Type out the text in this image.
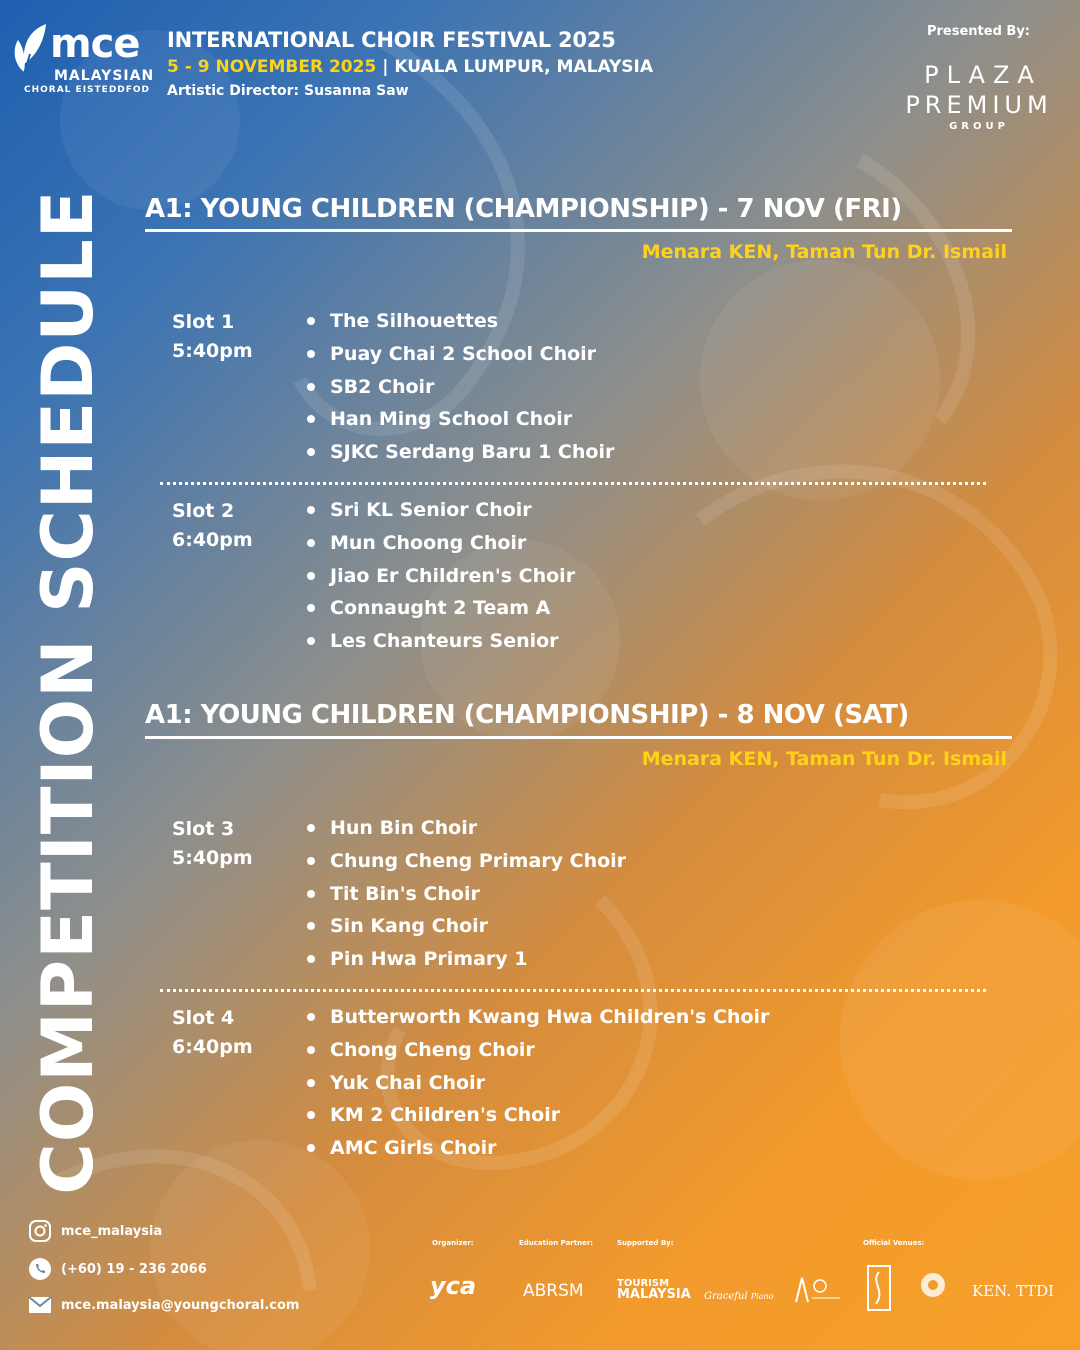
mce
MALAYSIAN
CHORAL EISTEDDFOD
INTERNATIONAL CHOIR FESTIVAL 2025
5 - 9 NOVEMBER 2025 | KUALA LUMPUR, MALAYSIA
Artistic Director: Susanna Saw
Presented By:
PLAZA
PREMIUM
GROUP
COMPETITION SCHEDULE A1: YOUNG CHILDREN (CHAMPIONSHIP) - 7 NOV (FRI)
Menara KEN, Taman Tun Dr. Ismail
Slot 1
5:40pm
The Silhouettes
Puay Chai 2 School Choir
SB2 Choir
Han Ming School Choir
SJKC Serdang Baru 1 Choir
Slot 2
6:40pm
Sri KL Senior Choir
Mun Choong Choir
Jiao Er Children's Choir
Connaught 2 Team A
Les Chanteurs Senior
A1: YOUNG CHILDREN (CHAMPIONSHIP) - 8 NOV (SAT)
Menara KEN, Taman Tun Dr. Ismail
Slot 3
5:40pm
Hun Bin Choir
Chung Cheng Primary Choir
Tit Bin's Choir
Sin Kang Choir
Pin Hwa Primary 1
Slot 4
6:40pm
Butterworth Kwang Hwa Children's Choir
Chong Cheng Choir
Yuk Chai Choir
KM 2 Children's Choir
AMC Girls Choir
mce_malaysia
(+60) 19 - 236 2066
mce.malaysia@youngchoral.com
Organizer:	Education Partner:	Supported By:	Official Venues:
yca	ABRSM	TOURISM
MALAYSIA Graceful Piano	KEN. TTDI
